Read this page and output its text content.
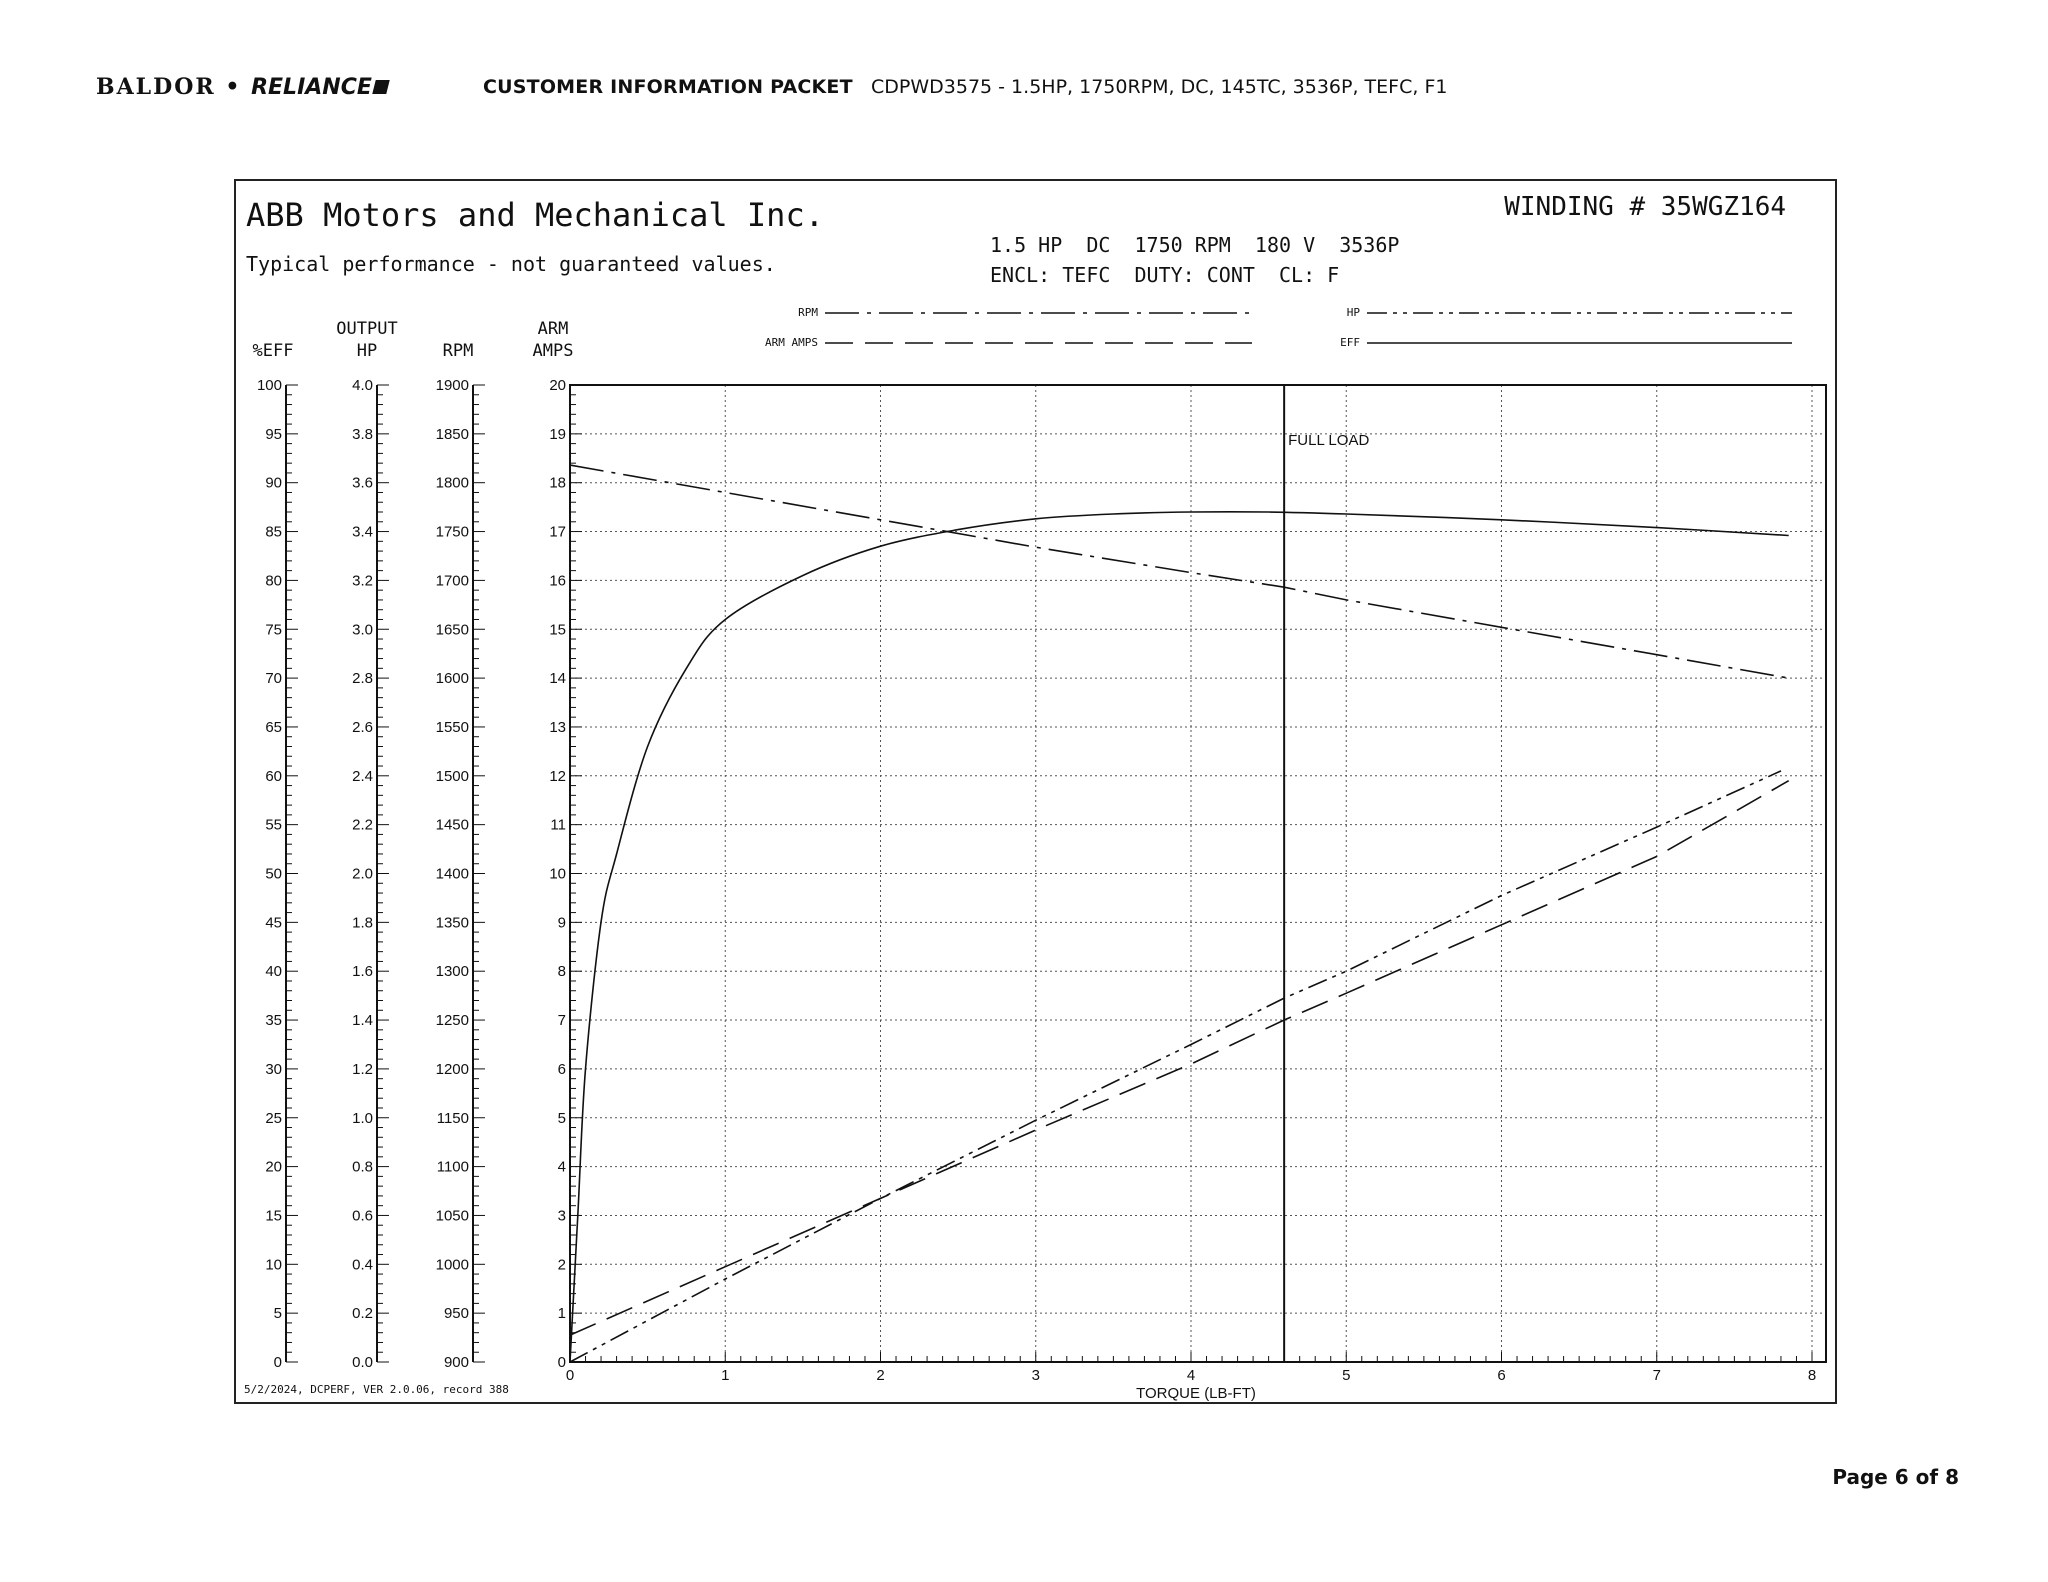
BALDOR • RELIANCE	CUSTOMER INFORMATION PACKET CDPWD3575 - 1.5HP, 1750RPM, DC, 145TC, 3536P, TEFC, F1
ABB Motors and Mechanical Inc.
Typical performance - not guaranteed values.
WINDING # 35WGZ164
1.5 HP  DC  1750 RPM  180 V  3536P
ENCL: TEFC  DUTY: CONT  CL: F
5/2/2024, DCPERF, VER 2.0.06, record 388
Page 6 of 8
0	1	2	3	4	5	6	7	8
TORQUE (LB-FT)
0
5
10
15
20
25
30
35
40
45
50
55
60
65
70
75
80
85
90
95
100
%EFF
0.0
0.2
0.4
0.6
0.8
1.0
1.2
1.4
1.6
1.8
2.0
2.2
2.4
2.6
2.8
3.0
3.2
3.4
3.6
3.8
4.0
OUTPUT
HP
900
950
1000
1050
1100
1150
1200
1250
1300
1350
1400
1450
1500
1550
1600
1650
1700
1750
1800
1850
1900
RPM
0
1
2
3
4
5
6
7
8
9
10
11
12
13
14
15
16
17
18
19
20
ARM
AMPS
RPM
ARM AMPS
HP
EFF
FULL LOAD
